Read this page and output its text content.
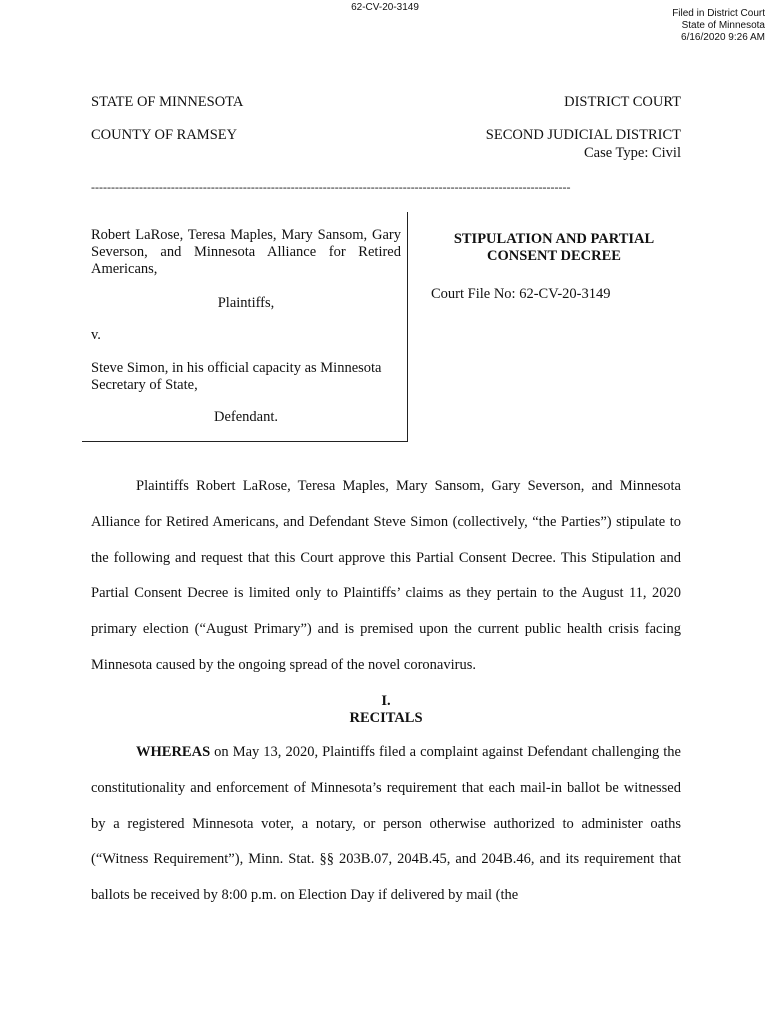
62-CV-20-3149
Filed in District Court
State of Minnesota
6/16/2020 9:26 AM
STATE OF MINNESOTA	DISTRICT COURT
COUNTY OF RAMSEY	SECOND JUDICIAL DISTRICT
Case Type: Civil
------------------------------------------------------------------------------------------------------------------------
Robert LaRose, Teresa Maples, Mary Sansom, Gary Severson, and Minnesota Alliance for Retired Americans,
Plaintiffs,
v.
Steve Simon, in his official capacity as Minnesota Secretary of State,
Defendant.
STIPULATION AND PARTIAL
CONSENT DECREE
Court File No: 62-CV-20-3149

Plaintiffs Robert LaRose, Teresa Maples, Mary Sansom, Gary Severson, and Minnesota Alliance for Retired Americans, and Defendant Steve Simon (collectively, “the Parties”) stipulate to the following and request that this Court approve this Partial Consent Decree. This Stipulation and Partial Consent Decree is limited only to Plaintiffs’ claims as they pertain to the August 11, 2020 primary election (“August Primary”) and is premised upon the current public health crisis facing Minnesota caused by the ongoing spread of the novel coronavirus.

I.
RECITALS

WHEREAS on May 13, 2020, Plaintiffs filed a complaint against Defendant challenging the constitutionality and enforcement of Minnesota’s requirement that each mail-in ballot be witnessed by a registered Minnesota voter, a notary, or person otherwise authorized to administer oaths (“Witness Requirement”), Minn. Stat. §§ 203B.07, 204B.45, and 204B.46, and its requirement that ballots be received by 8:00 p.m. on Election Day if delivered by mail (the
